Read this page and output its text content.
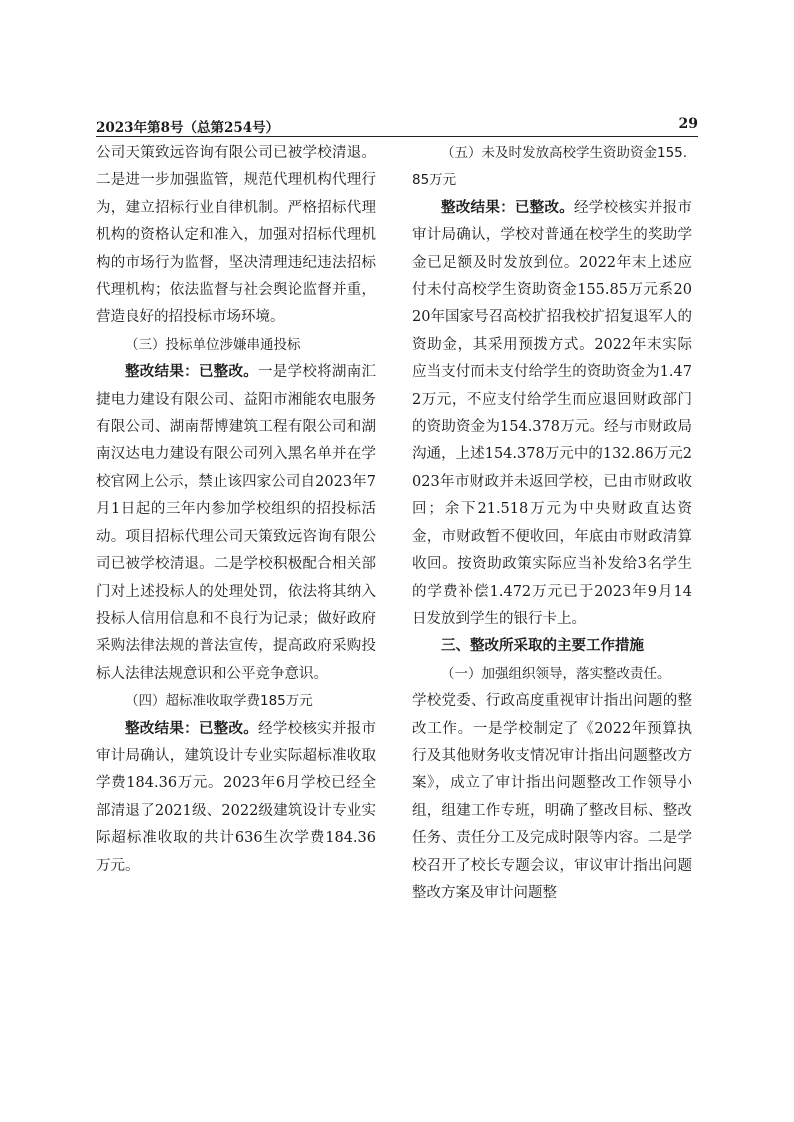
2023年第8号（总第254号）	29

公司天策致远咨询有限公司已被学校清退。二是进一步加强监管，规范代理机构代理行为，建立招标行业自律机制。严格招标代理机构的资格认定和准入，加强对招标代理机构的市场行为监督，坚决清理违纪违法招标代理机构；依法监督与社会舆论监督并重，营造良好的招投标市场环境。

（三）投标单位涉嫌串通投标

整改结果：已整改。一是学校将湖南汇捷电力建设有限公司、益阳市湘能农电服务有限公司、湖南帮博建筑工程有限公司和湖南汉达电力建设有限公司列入黑名单并在学校官网上公示，禁止该四家公司自2023年7月1日起的三年内参加学校组织的招投标活动。项目招标代理公司天策致远咨询有限公司已被学校清退。二是学校积极配合相关部门对上述投标人的处理处罚，依法将其纳入投标人信用信息和不良行为记录；做好政府采购法律法规的普法宣传，提高政府采购投标人法律法规意识和公平竞争意识。

（四）超标准收取学费185万元

整改结果：已整改。经学校核实并报市审计局确认，建筑设计专业实际超标准收取学费184.36万元。2023年6月学校已经全部清退了2021级、2022级建筑设计专业实际超标准收取的共计636生次学费184.36万元。

（五）未及时发放高校学生资助资金155.85万元

整改结果：已整改。经学校核实并报市审计局确认，学校对普通在校学生的奖助学金已足额及时发放到位。2022年末上述应付未付高校学生资助资金155.85万元系2020年国家号召高校扩招我校扩招复退军人的资助金，其采用预拨方式。2022年末实际应当支付而未支付给学生的资助资金为1.472万元，不应支付给学生而应退回财政部门的资助资金为154.378万元。经与市财政局沟通，上述154.378万元中的132.86万元2023年市财政并未返回学校，已由市财政收回；余下21.518万元为中央财政直达资金，市财政暂不便收回，年底由市财政清算收回。按资助政策实际应当补发给3名学生的学费补偿1.472万元已于2023年9月14日发放到学生的银行卡上。

三、整改所采取的主要工作措施

（一）加强组织领导，落实整改责任。

学校党委、行政高度重视审计指出问题的整改工作。一是学校制定了《2022年预算执行及其他财务收支情况审计指出问题整改方案》，成立了审计指出问题整改工作领导小组，组建工作专班，明确了整改目标、整改任务、责任分工及完成时限等内容。二是学校召开了校长专题会议，审议审计指出问题整改方案及审计问题整
